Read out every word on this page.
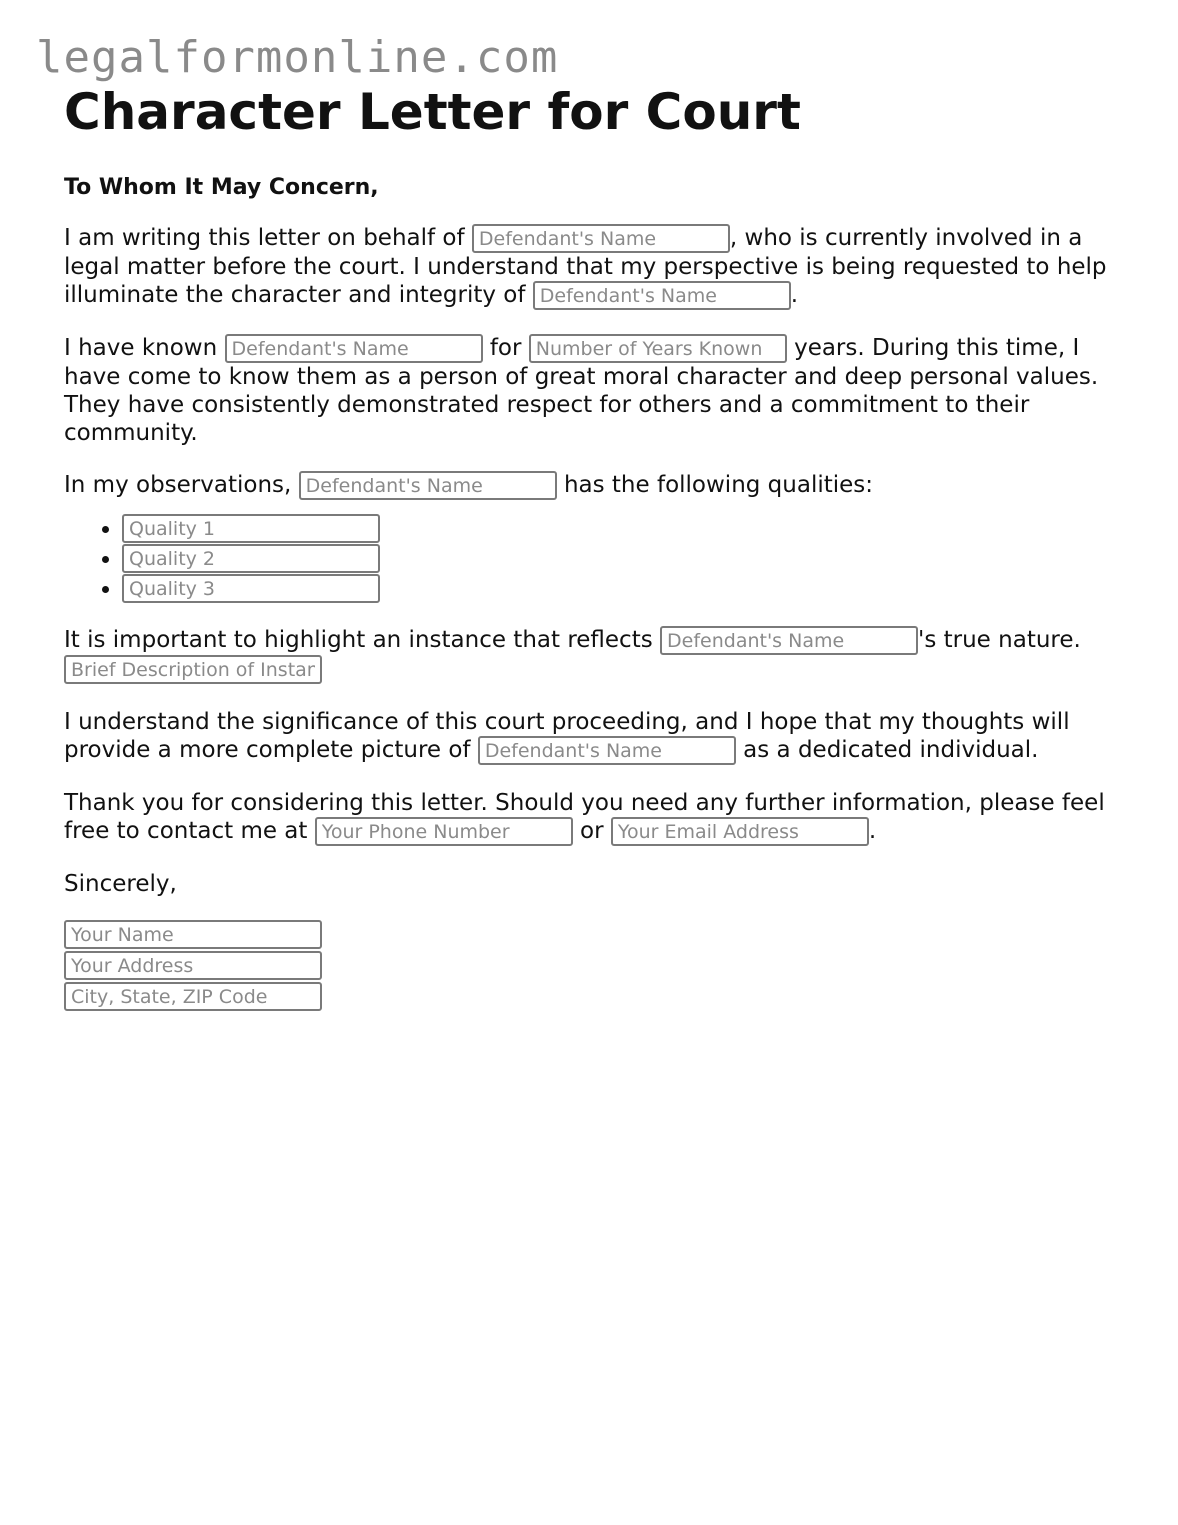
legalformonline.com
Character Letter for Court
To Whom It May Concern,

I am writing this letter on behalf of Defendant's Name	, who is currently involved in a legal matter before the court. I understand that my perspective is being requested to help illuminate the character and integrity of Defendant's Name	.

I have known Defendant's Name	for Number of Years Known	years. During this time, I have come to know them as a person of great moral character and deep personal values. They have consistently demonstrated respect for others and a commitment to their community.

In my observations, Defendant's Name	has the following qualities:

• Quality 1
• Quality 2
• Quality 3

It is important to highlight an instance that reflects Defendant's Name	's true nature.
Brief Description of Instance

I understand the significance of this court proceeding, and I hope that my thoughts will provide a more complete picture of Defendant's Name	as a dedicated individual.

Thank you for considering this letter. Should you need any further information, please feel free to contact me at Your Phone Number	or Your Email Address	.

Sincerely,

Your Name
Your Address
City, State, ZIP Code
